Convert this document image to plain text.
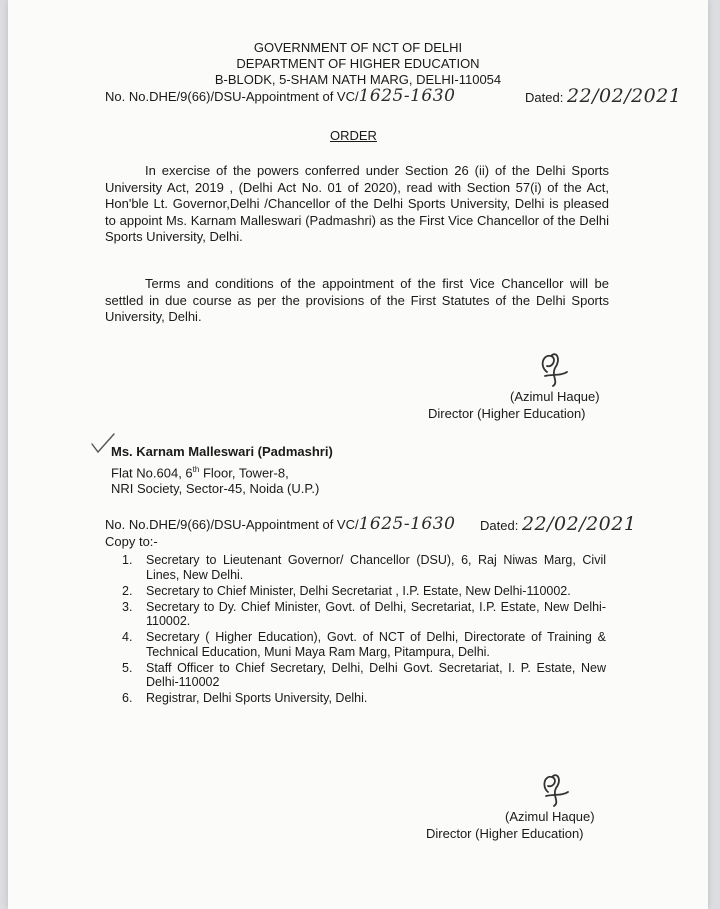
GOVERNMENT OF NCT OF DELHI
DEPARTMENT OF HIGHER EDUCATION
B-BLODK, 5-SHAM NATH MARG, DELHI-110054
No. No.DHE/9(66)/DSU-Appointment of VC/1625-1630	Dated: 22/02/2021
ORDER
In exercise of the powers conferred under Section 26 (ii) of the Delhi Sports University Act, 2019 , (Delhi Act No. 01 of 2020), read with Section 57(i) of the Act, Hon'ble Lt. Governor,Delhi /Chancellor of the Delhi Sports University, Delhi is pleased to appoint Ms. Karnam Malleswari (Padmashri) as the First Vice Chancellor of the Delhi Sports University, Delhi.
Terms and conditions of the appointment of the first Vice Chancellor will be settled in due course as per the provisions of the First Statutes of the Delhi Sports University, Delhi.
(Azimul Haque)
Director (Higher Education)
Ms. Karnam Malleswari (Padmashri)
Flat No.604, 6th Floor, Tower-8,
NRI Society, Sector-45, Noida (U.P.)
No. No.DHE/9(66)/DSU-Appointment of VC/1625-1630 Dated: 22/02/2021
Copy to:-
1. Secretary to Lieutenant Governor/ Chancellor (DSU), 6, Raj Niwas Marg, Civil Lines, New Delhi.
2. Secretary to Chief Minister, Delhi Secretariat , I.P. Estate, New Delhi-110002.
3. Secretary to Dy. Chief Minister, Govt. of Delhi, Secretariat, I.P. Estate, New Delhi-110002.
4. Secretary ( Higher Education), Govt. of NCT of Delhi, Directorate of Training & Technical Education, Muni Maya Ram Marg, Pitampura, Delhi.
5. Staff Officer to Chief Secretary, Delhi, Delhi Govt. Secretariat, I. P. Estate, New Delhi-110002
6. Registrar, Delhi Sports University, Delhi.
(Azimul Haque)
Director (Higher Education)
